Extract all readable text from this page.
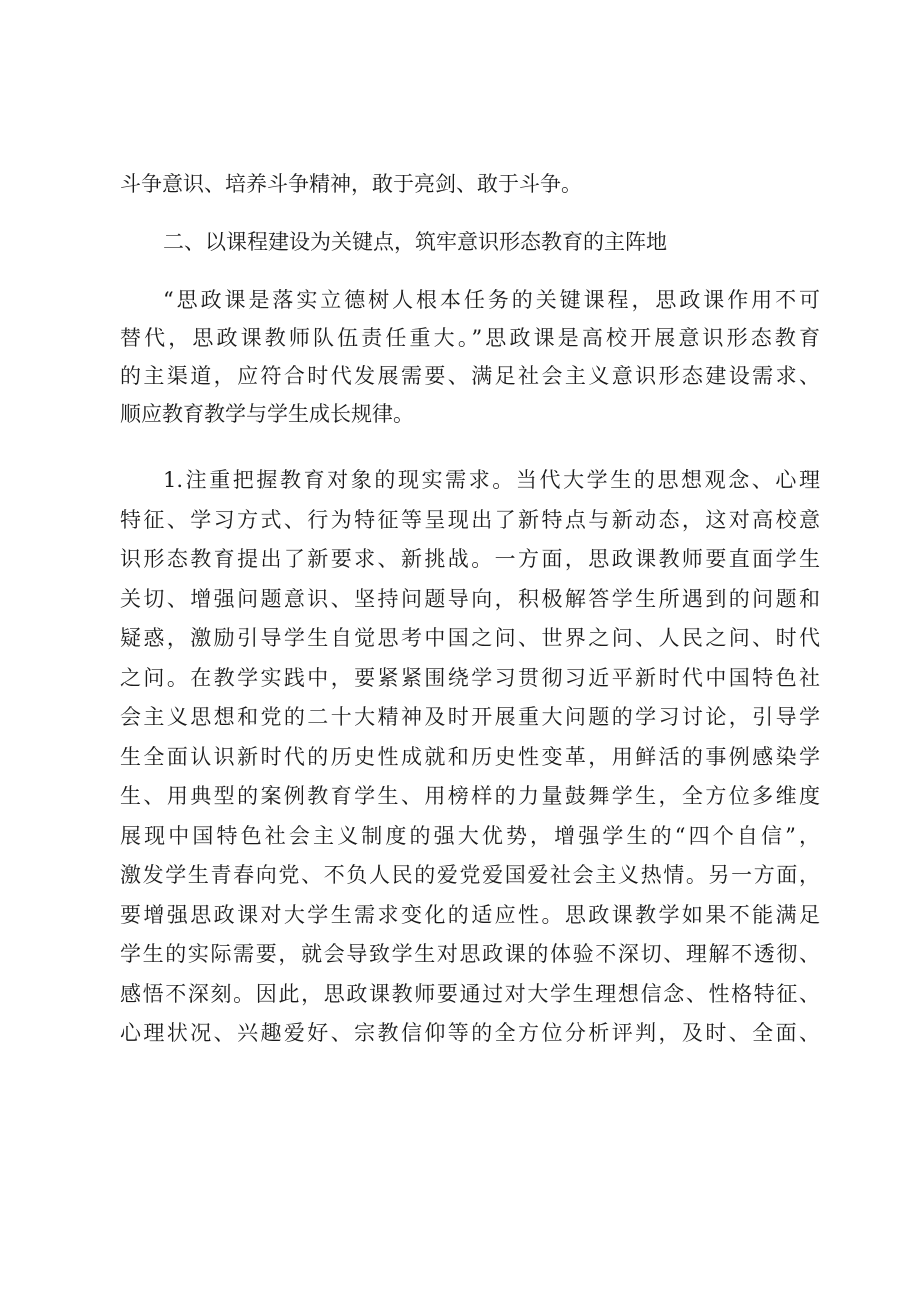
斗争意识、培养斗争精神，敢于亮剑、敢于斗争。
二、以课程建设为关键点，筑牢意识形态教育的主阵地
“思政课是落实立德树人根本任务的关键课程，思政课作用不可
替代，思政课教师队伍责任重大。”思政课是高校开展意识形态教育
的主渠道，应符合时代发展需要、满足社会主义意识形态建设需求、
顺应教育教学与学生成长规律。
1.注重把握教育对象的现实需求。当代大学生的思想观念、心理
特征、学习方式、行为特征等呈现出了新特点与新动态，这对高校意
识形态教育提出了新要求、新挑战。一方面，思政课教师要直面学生
关切、增强问题意识、坚持问题导向，积极解答学生所遇到的问题和
疑惑，激励引导学生自觉思考中国之问、世界之问、人民之问、时代
之问。在教学实践中，要紧紧围绕学习贯彻习近平新时代中国特色社
会主义思想和党的二十大精神及时开展重大问题的学习讨论，引导学
生全面认识新时代的历史性成就和历史性变革，用鲜活的事例感染学
生、用典型的案例教育学生、用榜样的力量鼓舞学生，全方位多维度
展现中国特色社会主义制度的强大优势，增强学生的“四个自信”，
激发学生青春向党、不负人民的爱党爱国爱社会主义热情。另一方面，
要增强思政课对大学生需求变化的适应性。思政课教学如果不能满足
学生的实际需要，就会导致学生对思政课的体验不深切、理解不透彻、
感悟不深刻。因此，思政课教师要通过对大学生理想信念、性格特征、
心理状况、兴趣爱好、宗教信仰等的全方位分析评判，及时、全面、
